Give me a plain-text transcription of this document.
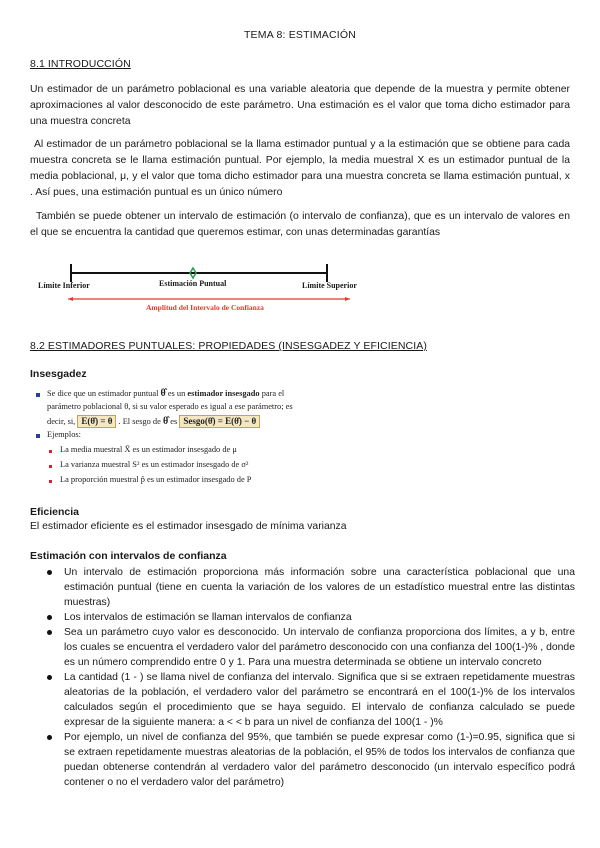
TEMA 8: ESTIMACIÓN
8.1 INTRODUCCIÓN
Un estimador de un parámetro poblacional es una variable aleatoria que depende de la muestra y permite obtener aproximaciones al valor desconocido de este parámetro. Una estimación es el valor que toma dicho estimador para una muestra concreta
Al estimador de un parámetro poblacional se la llama estimador puntual y a la estimación que se obtiene para cada muestra concreta se le llama estimación puntual. Por ejemplo, la media muestral X es un estimador puntual de la media poblacional, μ, y el valor que toma dicho estimador para una muestra concreta se llama estimación puntual, x . Así pues, una estimación puntual es un único número
También se puede obtener un intervalo de estimación (o intervalo de confianza), que es un intervalo de valores en el que se encuentra la cantidad que queremos estimar, con unas determinadas garantías
Límite Inferior	Estimación Puntual	Límite Superior
Amplitud del Intervalo de Confianza
8.2 ESTIMADORES PUNTUALES: PROPIEDADES (INSESGADEZ Y EFICIENCIA)
Insesgadez
Se dice que un estimador puntual θ̂ es un estimador insesgado para el
parámetro poblacional θ, si su valor esperado es igual a ese parámetro; es
decir, si, E(θ̂) = θ . El sesgo de θ̂ es Sesgo(θ̂) = E(θ̂) − θ
Ejemplos:
La media muestral X̄ es un estimador insesgado de μ
La varianza muestral S² es un estimador insesgado de σ²
La proporción muestral p̂ es un estimador insesgado de P
Eficiencia
El estimador eficiente es el estimador insesgado de mínima varianza
Estimación con intervalos de confianza
Un intervalo de estimación proporciona más información sobre una característica poblacional que una estimación puntual (tiene en cuenta la variación de los valores de un estadístico muestral entre las distintas muestras)
Los intervalos de estimación se llaman intervalos de confianza
Sea un parámetro cuyo valor es desconocido. Un intervalo de confianza proporciona dos límites, a y b, entre los cuales se encuentra el verdadero valor del parámetro desconocido con una confianza del 100(1-)% , donde es un número comprendido entre 0 y 1. Para una muestra determinada se obtiene un intervalo concreto
La cantidad (1 - ) se llama nivel de confianza del intervalo. Significa que si se extraen repetidamente muestras aleatorias de la población, el verdadero valor del parámetro se encontrará en el 100(1-)% de los intervalos calculados según el procedimiento que se haya seguido. El intervalo de confianza calculado se puede expresar de la siguiente manera: a < < b para un nivel de confianza del 100(1 - )%
Por ejemplo, un nivel de confianza del 95%, que también se puede expresar como (1-)=0.95, significa que si se extraen repetidamente muestras aleatorias de la población, el 95% de todos los intervalos de confianza que puedan obtenerse contendrán al verdadero valor del parámetro desconocido (un intervalo específico podrá contener o no el verdadero valor del parámetro)
